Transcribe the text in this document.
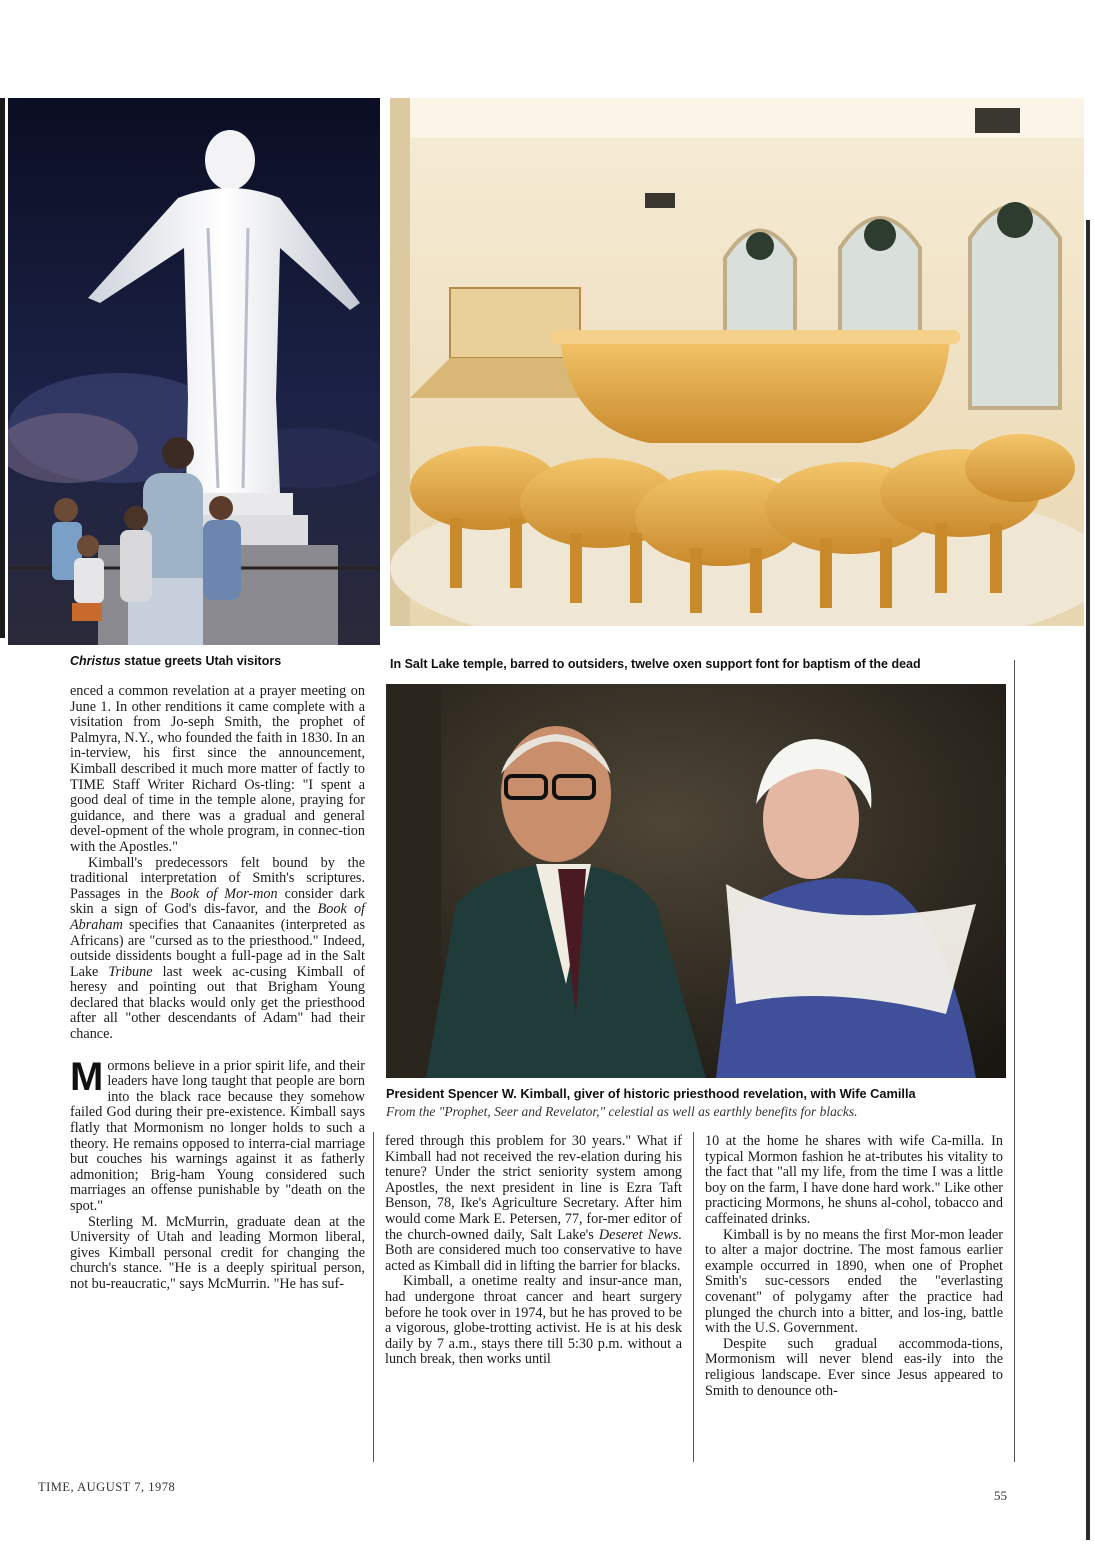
Christus statue greets Utah visitors	In Salt Lake temple, barred to outsiders, twelve oxen support font for baptism of the dead
President Spencer W. Kimball, giver of historic priesthood revelation, with Wife Camilla
From the "Prophet, Seer and Revelator," celestial as well as earthly benefits for blacks.

enced a common revelation at a prayer meeting on June 1. In other renditions it came complete with a visitation from Jo-seph Smith, the prophet of Palmyra, N.Y., who founded the faith in 1830. In an in-terview, his first since the announcement, Kimball described it much more matter of factly to TIME Staff Writer Richard Os-tling: "I spent a good deal of time in the temple alone, praying for guidance, and there was a gradual and general devel-opment of the whole program, in connec-tion with the Apostles."

Kimball's predecessors felt bound by the traditional interpretation of Smith's scriptures. Passages in the Book of Mor-mon consider dark skin a sign of God's dis-favor, and the Book of Abraham specifies that Canaanites (interpreted as Africans) are "cursed as to the priesthood." Indeed, outside dissidents bought a full-page ad in the Salt Lake Tribune last week ac-cusing Kimball of heresy and pointing out that Brigham Young declared that blacks would only get the priesthood after all "other descendants of Adam" had their chance.

Mormons believe in a prior spirit life, and their leaders have long taught that people are born into the black race because they somehow failed God during their pre-existence. Kimball says flatly that Mormonism no longer holds to such a theory. He remains opposed to interra-cial marriage but couches his warnings against it as fatherly admonition; Brig-ham Young considered such marriages an offense punishable by "death on the spot."

Sterling M. McMurrin, graduate dean at the University of Utah and leading Mormon liberal, gives Kimball personal credit for changing the church's stance. "He is a deeply spiritual person, not bu-reaucratic," says McMurrin. "He has suf-

fered through this problem for 30 years." What if Kimball had not received the rev-elation during his tenure? Under the strict seniority system among Apostles, the next president in line is Ezra Taft Benson, 78, Ike's Agriculture Secretary. After him would come Mark E. Petersen, 77, for-mer editor of the church-owned daily, Salt Lake's Deseret News. Both are considered much too conservative to have acted as Kimball did in lifting the barrier for blacks.

Kimball, a onetime realty and insur-ance man, had undergone throat cancer and heart surgery before he took over in 1974, but he has proved to be a vigorous, globe-trotting activist. He is at his desk daily by 7 a.m., stays there till 5:30 p.m. without a lunch break, then works until

10 at the home he shares with wife Ca-milla. In typical Mormon fashion he at-tributes his vitality to the fact that "all my life, from the time I was a little boy on the farm, I have done hard work." Like other practicing Mormons, he shuns al-cohol, tobacco and caffeinated drinks.

Kimball is by no means the first Mor-mon leader to alter a major doctrine. The most famous earlier example occurred in 1890, when one of Prophet Smith's suc-cessors ended the "everlasting covenant" of polygamy after the practice had plunged the church into a bitter, and los-ing, battle with the U.S. Government.

Despite such gradual accommoda-tions, Mormonism will never blend eas-ily into the religious landscape. Ever since Jesus appeared to Smith to denounce oth-

TIME, AUGUST 7, 1978
55
